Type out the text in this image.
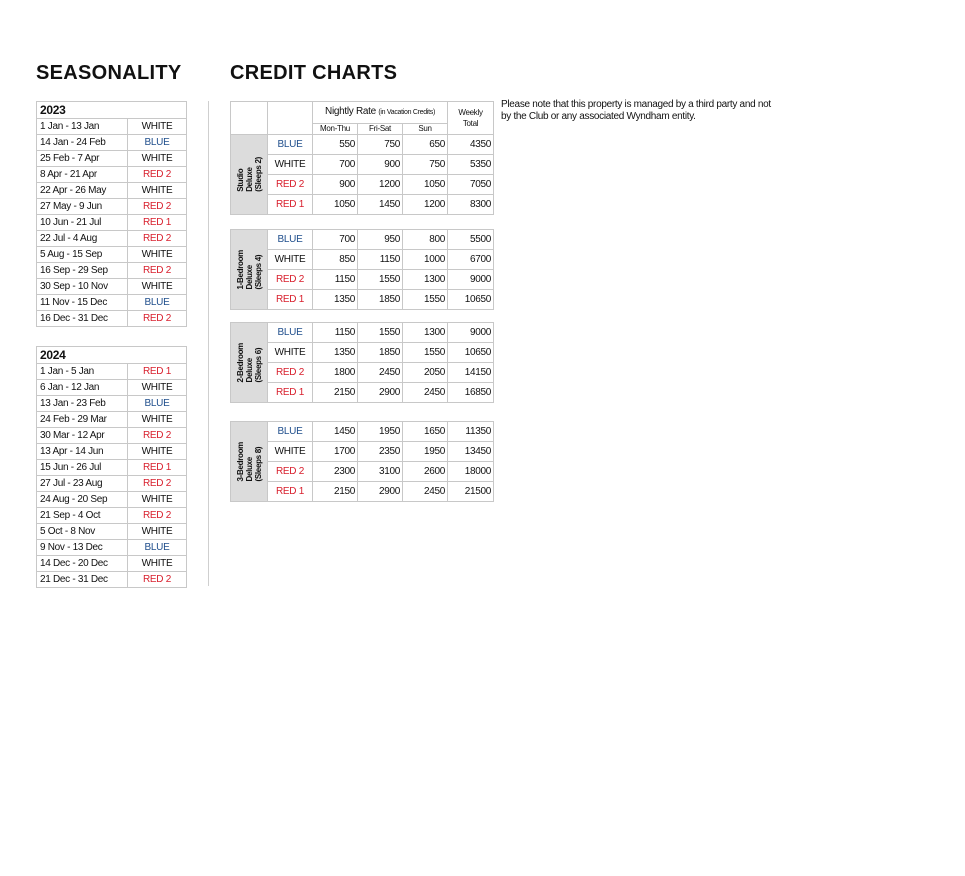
SEASONALITY CREDIT CHARTS
2023	
1 Jan - 13 Jan	WHITE
14 Jan - 24 Feb	BLUE
25 Feb - 7 Apr	WHITE
8 Apr - 21 Apr	RED 2
22 Apr - 26 May	WHITE
27 May - 9 Jun	RED 2
10 Jun - 21 Jul	RED 1
22 Jul - 4 Aug	RED 2
5 Aug - 15 Sep	WHITE
16 Sep - 29 Sep	RED 2
30 Sep - 10 Nov	WHITE
11 Nov - 15 Dec	BLUE
16 Dec - 31 Dec	RED 2
2024	
1 Jan - 5 Jan	RED 1
6 Jan - 12 Jan	WHITE
13 Jan - 23 Feb	BLUE
24 Feb - 29 Mar	WHITE
30 Mar - 12 Apr	RED 2
13 Apr - 14 Jun	WHITE
15 Jun - 26 Jul	RED 1
27 Jul - 23 Aug	RED 2
24 Aug - 20 Sep	WHITE
21 Sep - 4 Oct	RED 2
5 Oct - 8 Nov	WHITE
9 Nov - 13 Dec	BLUE
14 Dec - 20 Dec	WHITE
21 Dec - 31 Dec	RED 2
		Nightly Rate (in Vacation Credits)			Weekly Total
		Mon-Thu	Fri-Sat	Sun	
Studio
Deluxe
(Sleeps 2)	BLUE	550	750	650	4350
	WHITE	700	900	750	5350
	RED 2	900	1200	1050	7050
	RED 1	1050	1450	1200	8300
1-Bedroom
Deluxe
(Sleeps 4)	BLUE	700	950	800	5500
	WHITE	850	1150	1000	6700
	RED 2	1150	1550	1300	9000
	RED 1	1350	1850	1550	10650
2-Bedroom
Deluxe
(Sleeps 6)	BLUE	1150	1550	1300	9000
	WHITE	1350	1850	1550	10650
	RED 2	1800	2450	2050	14150
	RED 1	2150	2900	2450	16850
3-Bedroom
Deluxe
(Sleeps 8)	BLUE	1450	1950	1650	11350
	WHITE	1700	2350	1950	13450
	RED 2	2300	3100	2600	18000
	RED 1	2150	2900	2450	21500

Please note that this property is managed by a third party and not by the Club or any associated Wyndham entity.
